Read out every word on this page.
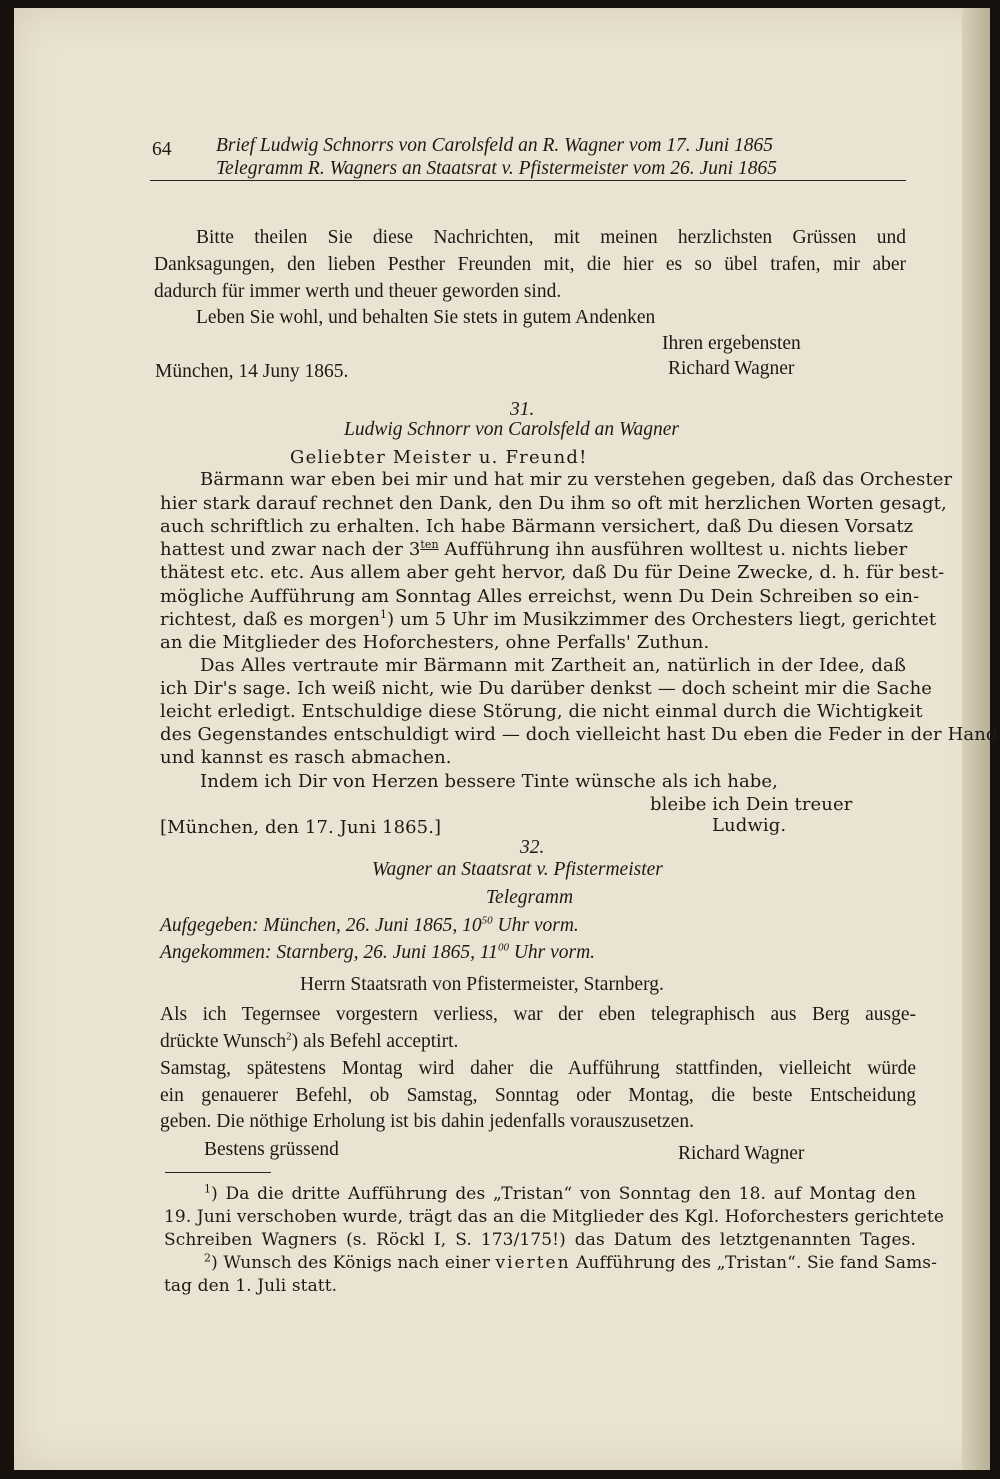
64 Brief Ludwig Schnorrs von Carolsfeld an R. Wagner vom 17. Juni 1865
Telegramm R. Wagners an Staatsrat v. Pfistermeister vom 26. Juni 1865
Bitte theilen Sie diese Nachrichten, mit meinen herzlichsten Grüssen und
Danksagungen, den lieben Pesther Freunden mit, die hier es so übel trafen, mir aber
dadurch für immer werth und theuer geworden sind.
Leben Sie wohl, und behalten Sie stets in gutem Andenken
Ihren ergebensten
München, 14 Juny 1865.	Richard Wagner
31.
Ludwig Schnorr von Carolsfeld an Wagner
Geliebter Meister u. Freund!
Bärmann war eben bei mir und hat mir zu verstehen gegeben, daß das Orchester
hier stark darauf rechnet den Dank, den Du ihm so oft mit herzlichen Worten gesagt,
auch schriftlich zu erhalten. Ich habe Bärmann versichert, daß Du diesen Vorsatz
hattest und zwar nach der $3^{ten}$ Aufführung ihn ausführen wolltest u. nichts lieber
thätest etc. etc. Aus allem aber geht hervor, daß Du für Deine Zwecke, d. h. für best-
mögliche Aufführung am Sonntag Alles erreichst, wenn Du Dein Schreiben so ein-
richtest, daß es morgen$^1$) um 5 Uhr im Musikzimmer des Orchesters liegt, gerichtet
an die Mitglieder des Hoforchesters, ohne Perfalls' Zuthun.
Das Alles vertraute mir Bärmann mit Zartheit an, natürlich in der Idee, daß
ich Dir's sage. Ich weiß nicht, wie Du darüber denkst — doch scheint mir die Sache
leicht erledigt. Entschuldige diese Störung, die nicht einmal durch die Wichtigkeit
des Gegenstandes entschuldigt wird — doch vielleicht hast Du eben die Feder in der Hand
und kannst es rasch abmachen.
Indem ich Dir von Herzen bessere Tinte wünsche als ich habe,
bleibe ich Dein treuer
[München, den 17. Juni 1865.]	Ludwig.
32.
Wagner an Staatsrat v. Pfistermeister
Telegramm
Aufgegeben: München, 26. Juni 1865, $10^{50}$ Uhr vorm.
Angekommen: Starnberg, 26. Juni 1865, $11^{00}$ Uhr vorm.
Herrn Staatsrath von Pfistermeister, Starnberg.
Als ich Tegernsee vorgestern verliess, war der eben telegraphisch aus Berg ausge-
drückte Wunsch$^2$) als Befehl acceptirt.
Samstag, spätestens Montag wird daher die Aufführung stattfinden, vielleicht würde
ein genauerer Befehl, ob Samstag, Sonntag oder Montag, die beste Entscheidung
geben. Die nöthige Erholung ist bis dahin jedenfalls vorauszusetzen.
Bestens grüssend	Richard Wagner
$^1$) Da die dritte Aufführung des „Tristan“ von Sonntag den 18. auf Montag den
19. Juni verschoben wurde, trägt das an die Mitglieder des Kgl. Hoforchesters gerichtete
Schreiben Wagners (s. Röckl I, S. 173/175!) das Datum des letztgenannten Tages.
$^2$) Wunsch des Königs nach einer vierten Aufführung des „Tristan“. Sie fand Sams-
tag den 1. Juli statt.
